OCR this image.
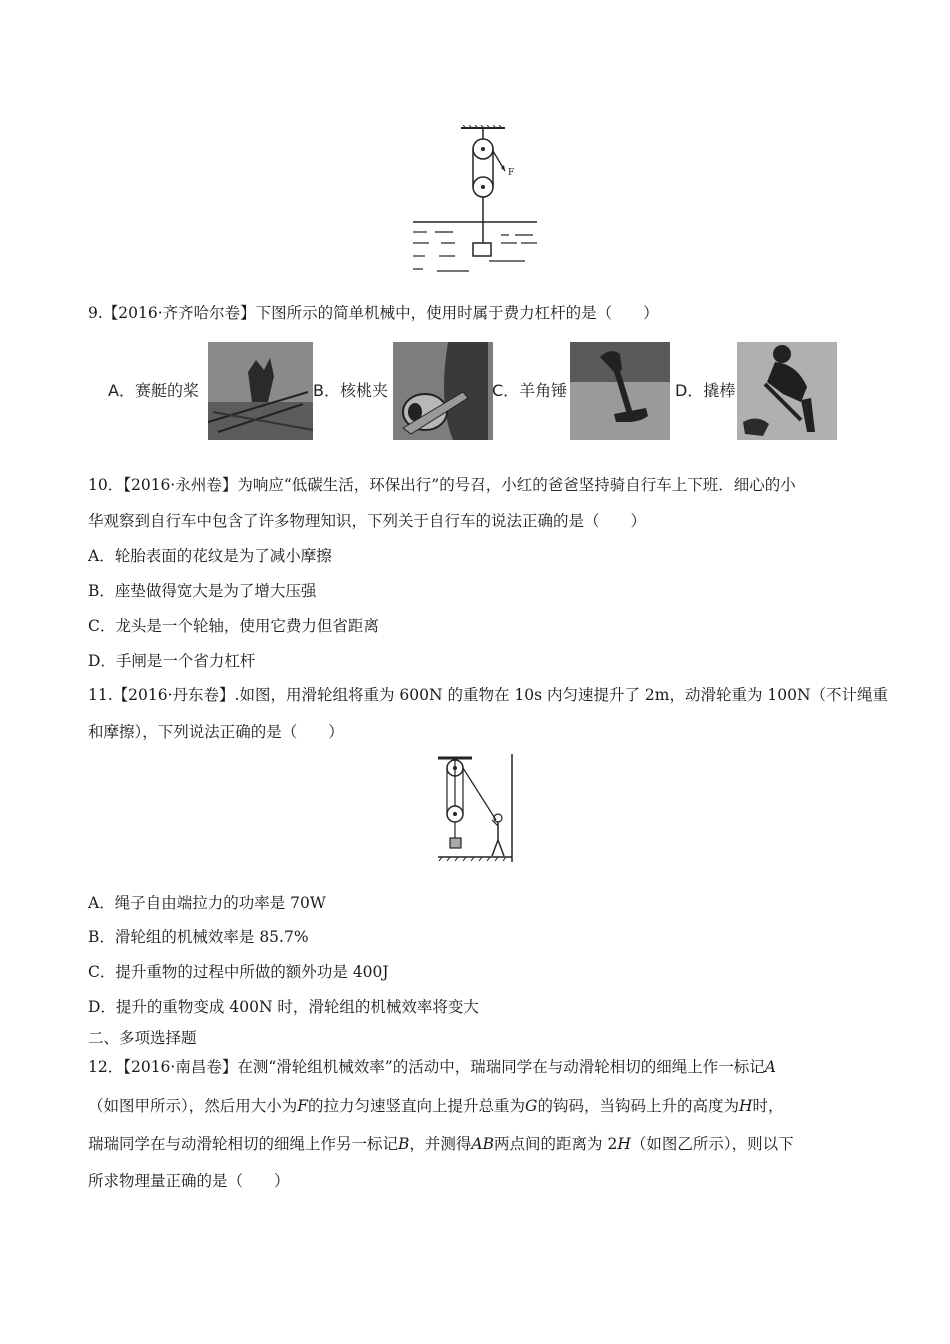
F
9.【2016·齐齐哈尔卷】下图所示的简单机械中，使用时属于费力杠杆的是（　　）
A．赛艇的桨	B．核桃夹	C．羊角锤	D．撬棒
10．【2016·永州卷】为响应“低碳生活，环保出行”的号召，小红的爸爸坚持骑自行车上下班．细心的小
华观察到自行车中包含了许多物理知识，下列关于自行车的说法正确的是（　　）
A．轮胎表面的花纹是为了减小摩擦
B．座垫做得宽大是为了增大压强
C．龙头是一个轮轴，使用它费力但省距离
D．手闸是一个省力杠杆
11.【2016·丹东卷】.如图，用滑轮组将重为 600N 的重物在 10s 内匀速提升了 2m，动滑轮重为 100N（不计绳重
和摩擦），下列说法正确的是（　　）
A．绳子自由端拉力的功率是 70W
B．滑轮组的机械效率是 85.7%
C．提升重物的过程中所做的额外功是 400J
D．提升的重物变成 400N 时，滑轮组的机械效率将变大
二、多项选择题
12．【2016·南昌卷】在测“滑轮组机械效率”的活动中，瑞瑞同学在与动滑轮相切的细绳上作一标记A
（如图甲所示），然后用大小为F的拉力匀速竖直向上提升总重为G的钩码，当钩码上升的高度为H时，
瑞瑞同学在与动滑轮相切的细绳上作另一标记B，并测得AB两点间的距离为 2H（如图乙所示），则以下
所求物理量正确的是（　　）
